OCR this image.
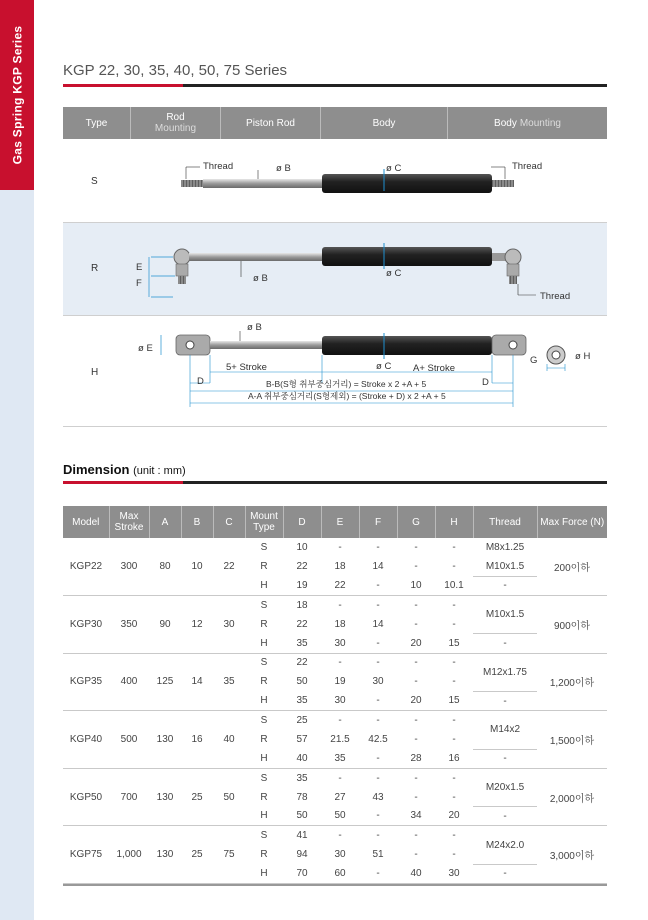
Gas Spring KGP Series	KGP 22, 30, 35, 40, 50, 75 Series
Type	Rod
Mounting	Piston Rod	Body	Body Mounting
S
R
H
Thread	Thread
ø B	ø C
E
F	ø B	ø C
Thread
ø E
ø B
ø C
5+ Stroke	A+ Stroke
D	D
B-B(S형 취부중심거리) = Stroke x 2 +A + 5
A-A 취부중심거리(S형제외) = (Stroke + D) x 2 +A + 5
G	ø H
Dimension (unit : mm)
Model	Max Stroke	A	B	C	Mount Type	D	E	F	G	H	Thread	Max Force (N)
KGP22	300	80	10	22	S	10	-	-	-	-	M8x1.25	200이하
					R	22	18	14	-	-	M10x1.5	
					H	19	22	-	10	10.1	-	
KGP30	350	90	12	30	S	18	-	-	-	-	M10x1.5	900이하
					R	22	18	14	-	-		
					H	35	30	-	20	15	-	
KGP35	400	125	14	35	S	22	-	-	-	-	M12x1.75	1,200이하
					R	50	19	30	-	-		
					H	35	30	-	20	15	-	
KGP40	500	130	16	40	S	25	-	-	-	-	M14x2	1,500이하
					R	57	21.5	42.5	-	-		
					H	40	35	-	28	16	-	
KGP50	700	130	25	50	S	35	-	-	-	-	M20x1.5	2,000이하
					R	78	27	43	-	-		
					H	50	50	-	34	20	-	
KGP75	1,000	130	25	75	S	41	-	-	-	-	M24x2.0	3,000이하
					R	94	30	51	-	-		
					H	70	60	-	40	30	-	
